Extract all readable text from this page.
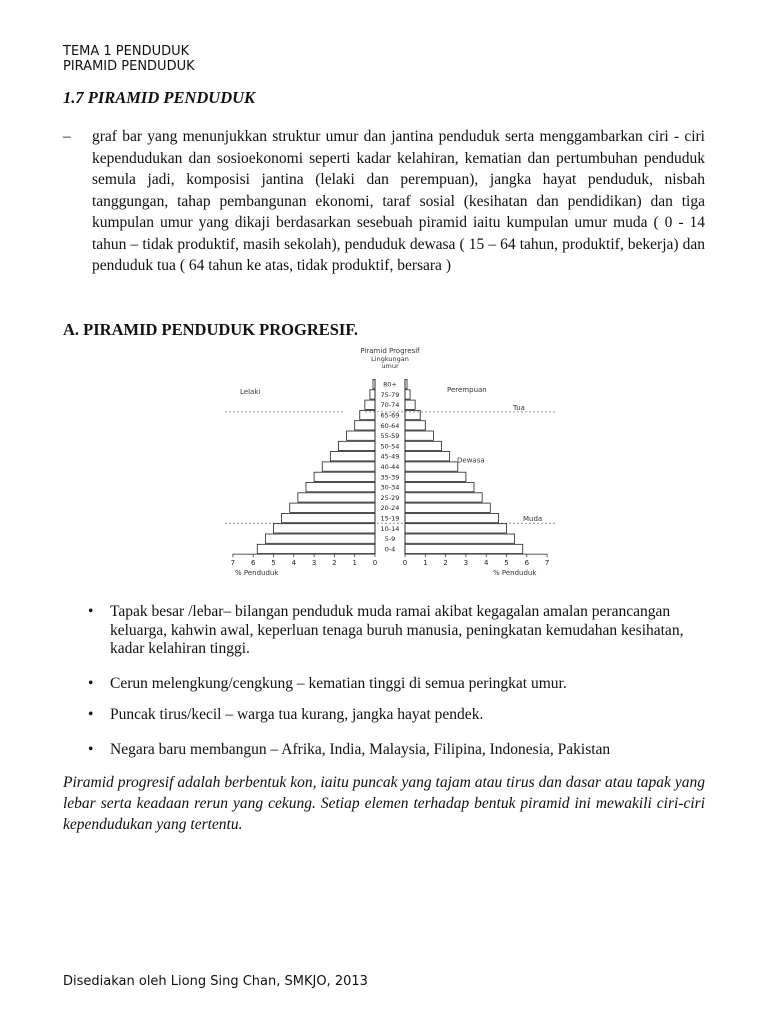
TEMA 1 PENDUDUK
PIRAMID PENDUDUK
1.7 PIRAMID PENDUDUK
– graf bar yang menunjukkan struktur umur dan jantina penduduk serta menggambarkan ciri - ciri kependudukan dan sosioekonomi seperti kadar kelahiran, kematian dan pertumbuhan penduduk semula jadi, komposisi jantina (lelaki dan perempuan), jangka hayat penduduk, nisbah tanggungan, tahap pembangunan ekonomi, taraf sosial (kesihatan dan pendidikan) dan tiga kumpulan umur yang dikaji berdasarkan sesebuah piramid iaitu kumpulan umur muda ( 0 - 14 tahun – tidak produktif, masih sekolah), penduduk dewasa ( 15 – 64 tahun, produktif, bekerja) dan penduduk tua ( 64 tahun ke atas, tidak produktif, bersara )
A. PIRAMID PENDUDUK PROGRESIF.
Piramid Progresif
Lingkungan
umur
Lelaki	Perempuan
80+
75-79
70-74
65-69
60-64
55-59
50-54
45-49
40-44
35-39
30-34
25-29
20-24
15-19
10-14
5-9
0-4
Tua
Dewasa
Muda
7 6 5 4 3 2 1 0	0 1 2 3 4 5 6 7
% Penduduk	% Penduduk
• Tapak besar /lebar– bilangan penduduk muda ramai akibat kegagalan amalan perancangan keluarga, kahwin awal, keperluan tenaga buruh manusia, peningkatan kemudahan kesihatan, kadar kelahiran tinggi.
• Cerun melengkung/cengkung – kematian tinggi di semua peringkat umur.
• Puncak tirus/kecil – warga tua kurang, jangka hayat pendek.
• Negara baru membangun – Afrika, India, Malaysia, Filipina, Indonesia, Pakistan
Piramid progresif adalah berbentuk kon, iaitu puncak yang tajam atau tirus dan dasar atau tapak yang lebar serta keadaan rerun yang cekung. Setiap elemen terhadap bentuk piramid ini mewakili ciri-ciri kependudukan yang tertentu.
Disediakan oleh Liong Sing Chan, SMKJO, 2013
